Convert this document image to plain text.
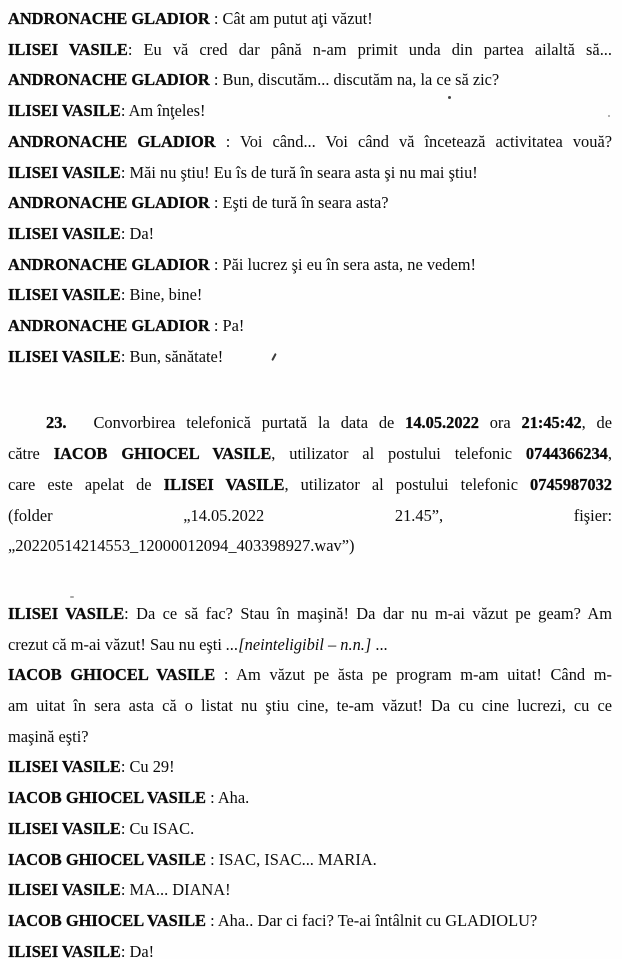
ANDRONACHE GLADIOR : Cât am putut aţi văzut!
ILISEI VASILE: Eu vă cred dar până n-am primit unda din partea ailaltă să...
ANDRONACHE GLADIOR : Bun, discutăm... discutăm na, la ce să zic?
ILISEI VASILE: Am înţeles!
ANDRONACHE GLADIOR : Voi când... Voi când vă încetează activitatea vouă?
ILISEI VASILE: Măi nu ştiu! Eu îs de tură în seara asta şi nu mai ştiu!
ANDRONACHE GLADIOR : Eşti de tură în seara asta?
ILISEI VASILE: Da!
ANDRONACHE GLADIOR : Păi lucrez şi eu în sera asta, ne vedem!
ILISEI VASILE: Bine, bine!
ANDRONACHE GLADIOR : Pa!
ILISEI VASILE: Bun, sănătate!
23. Convorbirea telefonică purtată la data de 14.05.2022 ora 21:45:42, de
către IACOB GHIOCEL VASILE, utilizator al postului telefonic 0744366234,
care este apelat de ILISEI VASILE, utilizator al postului telefonic 0745987032
(folder „14.05.2022 21.45”, fişier:
„20220514214553_12000012094_403398927.wav”)
ILISEI VASILE: Da ce să fac? Stau în maşină! Da dar nu m-ai văzut pe geam? Am
crezut că m-ai văzut! Sau nu eşti ...[neinteligibil – n.n.] ...
IACOB GHIOCEL VASILE : Am văzut pe ăsta pe program m-am uitat! Când m-
am uitat în sera asta că o listat nu ştiu cine, te-am văzut! Da cu cine lucrezi, cu ce
maşină eşti?
ILISEI VASILE: Cu 29!
IACOB GHIOCEL VASILE : Aha.
ILISEI VASILE: Cu ISAC.
IACOB GHIOCEL VASILE : ISAC, ISAC... MARIA.
ILISEI VASILE: MA... DIANA!
IACOB GHIOCEL VASILE : Aha.. Dar ci faci? Te-ai întâlnit cu GLADIOLU?
ILISEI VASILE: Da!
